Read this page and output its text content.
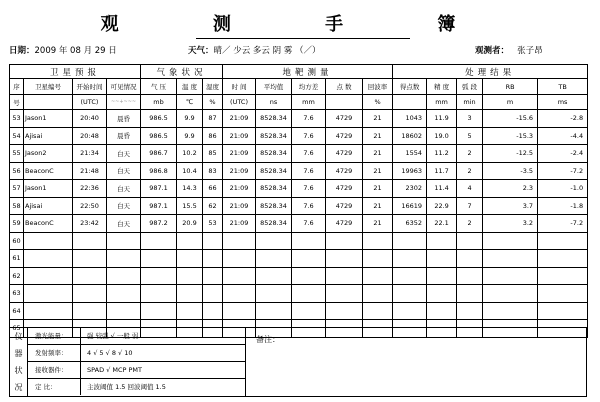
观 测 手 簿
日期：2009 年 08 月 29 日	天气：晴／ 少云 多云 阴 雾 （／）	观测者： 张子昂
卫星预报				气象状况			地靶测量					处理结果				
序	卫星编号	开始时间	可见情况	气 压	温 度	湿度	时 间	平均值	均方差	点 数	回波率	得点数	精 度	弧 段	RB	TB
号		(UTC)	~~+~~~	mb	℃	%	(UTC)	ns	mm		%		mm	min	m	ms
53	Jason1	20:40	晨昏	986.5	9.9	87	21:09	8528.34	7.6	4729	21	1043	11.9	3	-15.6	-2.8
54	Ajisai	20:48	晨昏	986.5	9.9	86	21:09	8528.34	7.6	4729	21	18602	19.0	5	-15.3	-4.4
55	Jason2	21:34	白天	986.7	10.2	85	21:09	8528.34	7.6	4729	21	1554	11.2	2	-12.5	-2.4
56	BeaconC	21:48	白天	986.8	10.4	83	21:09	8528.34	7.6	4729	21	19963	11.7	2	-3.5	-7.2
57	Jason1	22:36	白天	987.1	14.3	66	21:09	8528.34	7.6	4729	21	2302	11.4	4	2.3	-1.0
58	Ajisai	22:50	白天	987.1	15.5	62	21:09	8528.34	7.6	4729	21	16619	22.9	7	3.7	-1.8
59	BeaconC	23:42	白天	987.2	20.9	53	21:09	8528.34	7.6	4729	21	6352	22.1	2	3.2	-7.2
60																
61																
62																
63																
64																
65																
仪
器
状
况
激光能量：	强 较强 √ 一般 弱
发射频率：	4 √ 5 √ 8 √ 10
接收器件：	SPAD √ MCP PMT
定 比：	主波阈值 1.5 回波阈值 1.5
备注：
